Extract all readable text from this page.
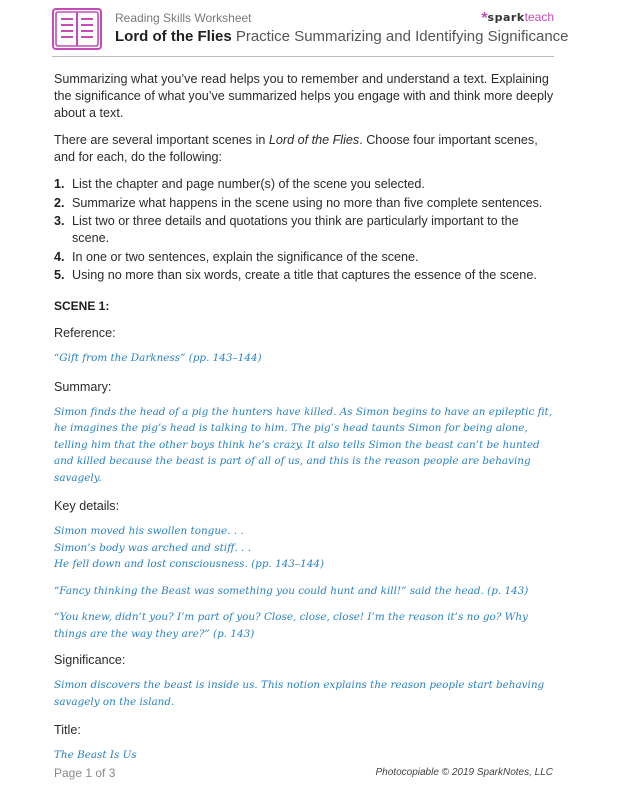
Reading Skills Worksheet
Lord of the Flies Practice Summarizing and Identifying Significance
*sparkteach

Summarizing what you’ve read helps you to remember and understand a text. Explaining the significance of what you’ve summarized helps you engage with and think more deeply about a text.

There are several important scenes in Lord of the Flies. Choose four important scenes, and for each, do the following:

1. List the chapter and page number(s) of the scene you selected.
2. Summarize what happens in the scene using no more than five complete sentences.
3. List two or three details and quotations you think are particularly important to the scene.
4. In one or two sentences, explain the significance of the scene.
5. Using no more than six words, create a title that captures the essence of the scene.
SCENE 1:
Reference:
“Gift from the Darkness” (pp. 143–144)
Summary:
Simon finds the head of a pig the hunters have killed. As Simon begins to have an epileptic fit, he imagines the pig’s head is talking to him. The pig’s head taunts Simon for being alone, telling him that the other boys think he’s crazy. It also tells Simon the beast can’t be hunted and killed because the beast is part of all of us, and this is the reason people are behaving savagely.
Key details:
Simon moved his swollen tongue. . .
Simon’s body was arched and stiff. . .
He fell down and lost consciousness. (pp. 143–144)
“Fancy thinking the Beast was something you could hunt and kill!” said the head. (p. 143)
“You knew, didn’t you? I’m part of you? Close, close, close! I’m the reason it’s no go? Why things are the way they are?” (p. 143)
Significance:
Simon discovers the beast is inside us. This notion explains the reason people start behaving savagely on the island.
Title:
The Beast Is Us
Page 1 of 3	Photocopiable © 2019 SparkNotes, LLC
